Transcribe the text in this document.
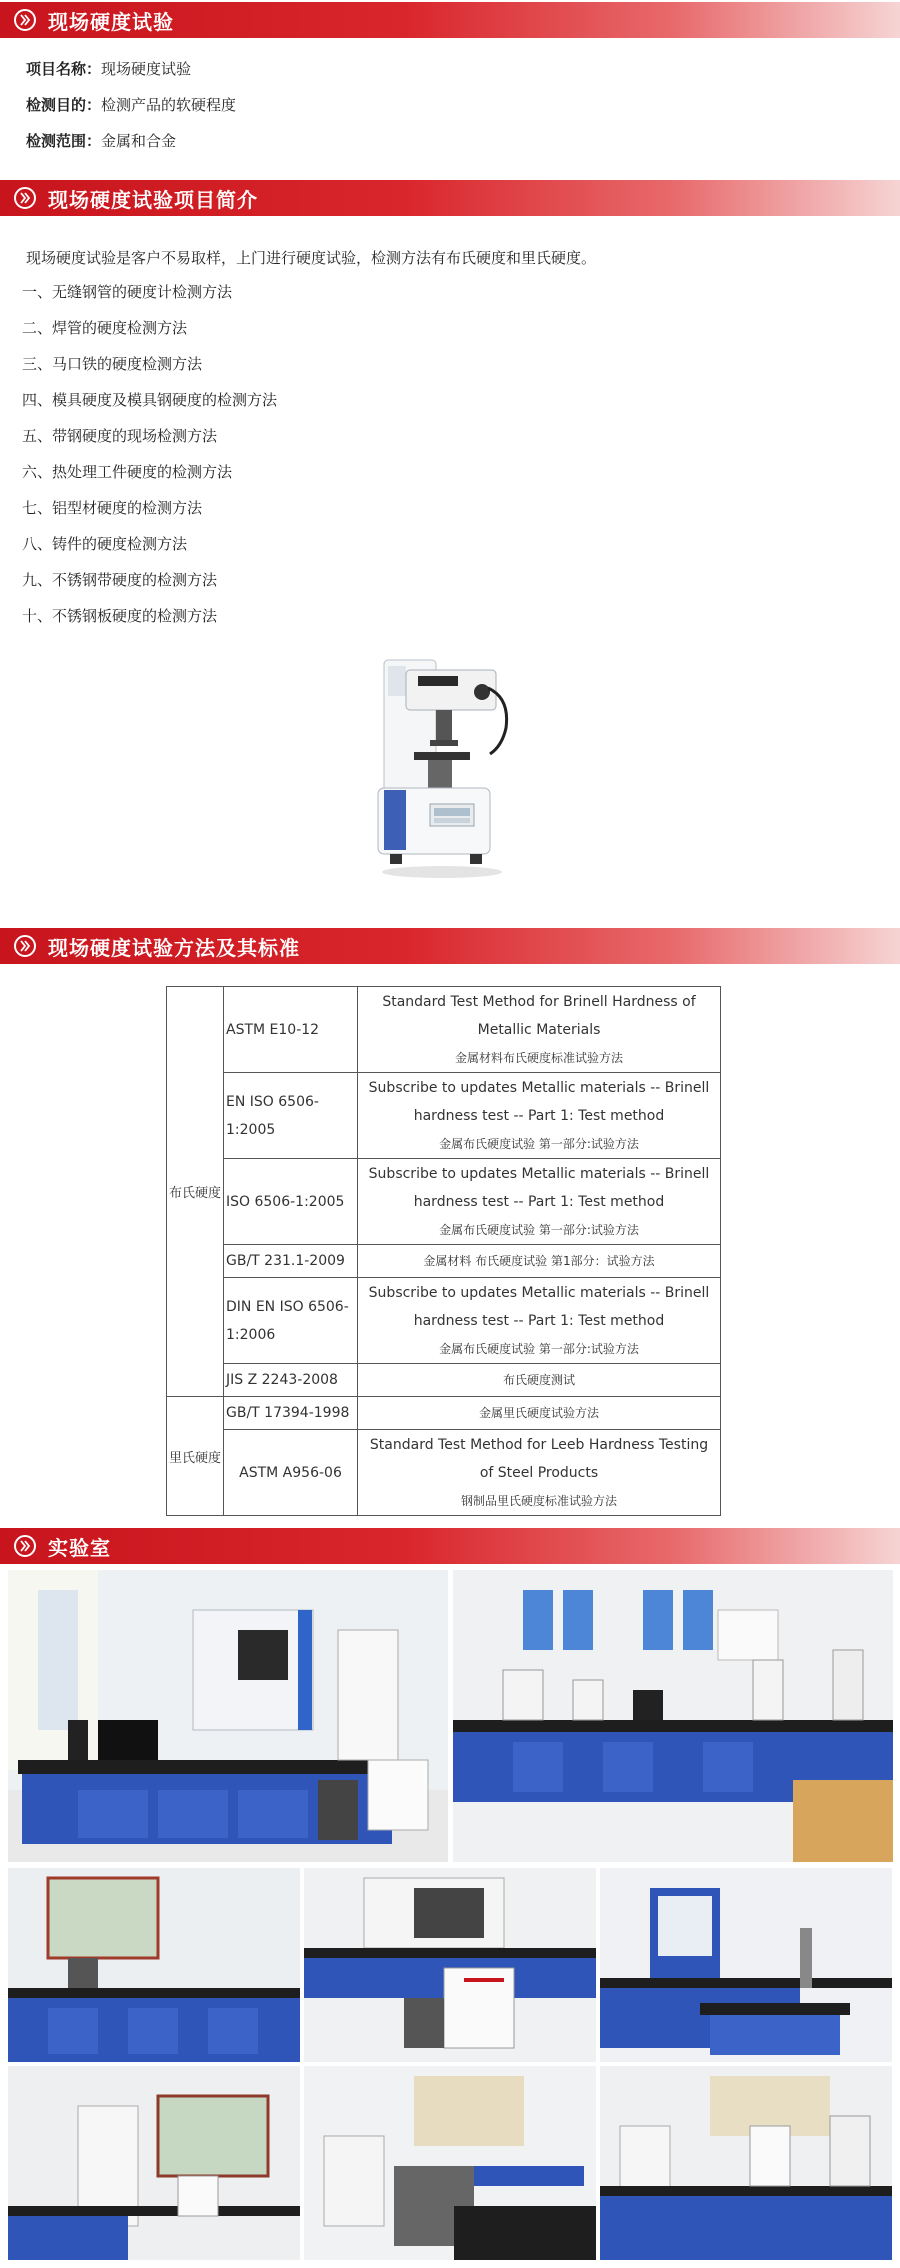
现场硬度试验
项目名称：现场硬度试验
检测目的：检测产品的软硬程度
检测范围：金属和合金
现场硬度试验项目简介
现场硬度试验是客户不易取样，上门进行硬度试验，检测方法有布氏硬度和里氏硬度。
一、无缝钢管的硬度计检测方法
二、焊管的硬度检测方法
三、马口铁的硬度检测方法
四、模具硬度及模具钢硬度的检测方法
五、带钢硬度的现场检测方法
六、热处理工件硬度的检测方法
七、铝型材硬度的检测方法
八、铸件的硬度检测方法
九、不锈钢带硬度的检测方法
十、不锈钢板硬度的检测方法
现场硬度试验方法及其标准
布氏硬度	ASTM E10-12	Standard Test Method for Brinell Hardness of Metallic Materials
金属材料布氏硬度标准试验方法

	EN ISO 6506-1:2005	Subscribe to updates Metallic materials -- Brinell hardness test -- Part 1: Test method
金属布氏硬度试验 第一部分:试验方法

	ISO 6506-1:2005	Subscribe to updates Metallic materials -- Brinell hardness test -- Part 1: Test method
金属布氏硬度试验 第一部分:试验方法

	GB/T 231.1-2009	金属材料 布氏硬度试验 第1部分：试验方法

	DIN EN ISO 6506-1:2006	Subscribe to updates Metallic materials -- Brinell hardness test -- Part 1: Test method
金属布氏硬度试验 第一部分:试验方法

	JIS Z 2243-2008	布氏硬度测试

里氏硬度	GB/T 17394-1998	金属里氏硬度试验方法

	ASTM A956-06	Standard Test Method for Leeb Hardness Testing of Steel Products
钢制品里氏硬度标准试验方法
实验室
